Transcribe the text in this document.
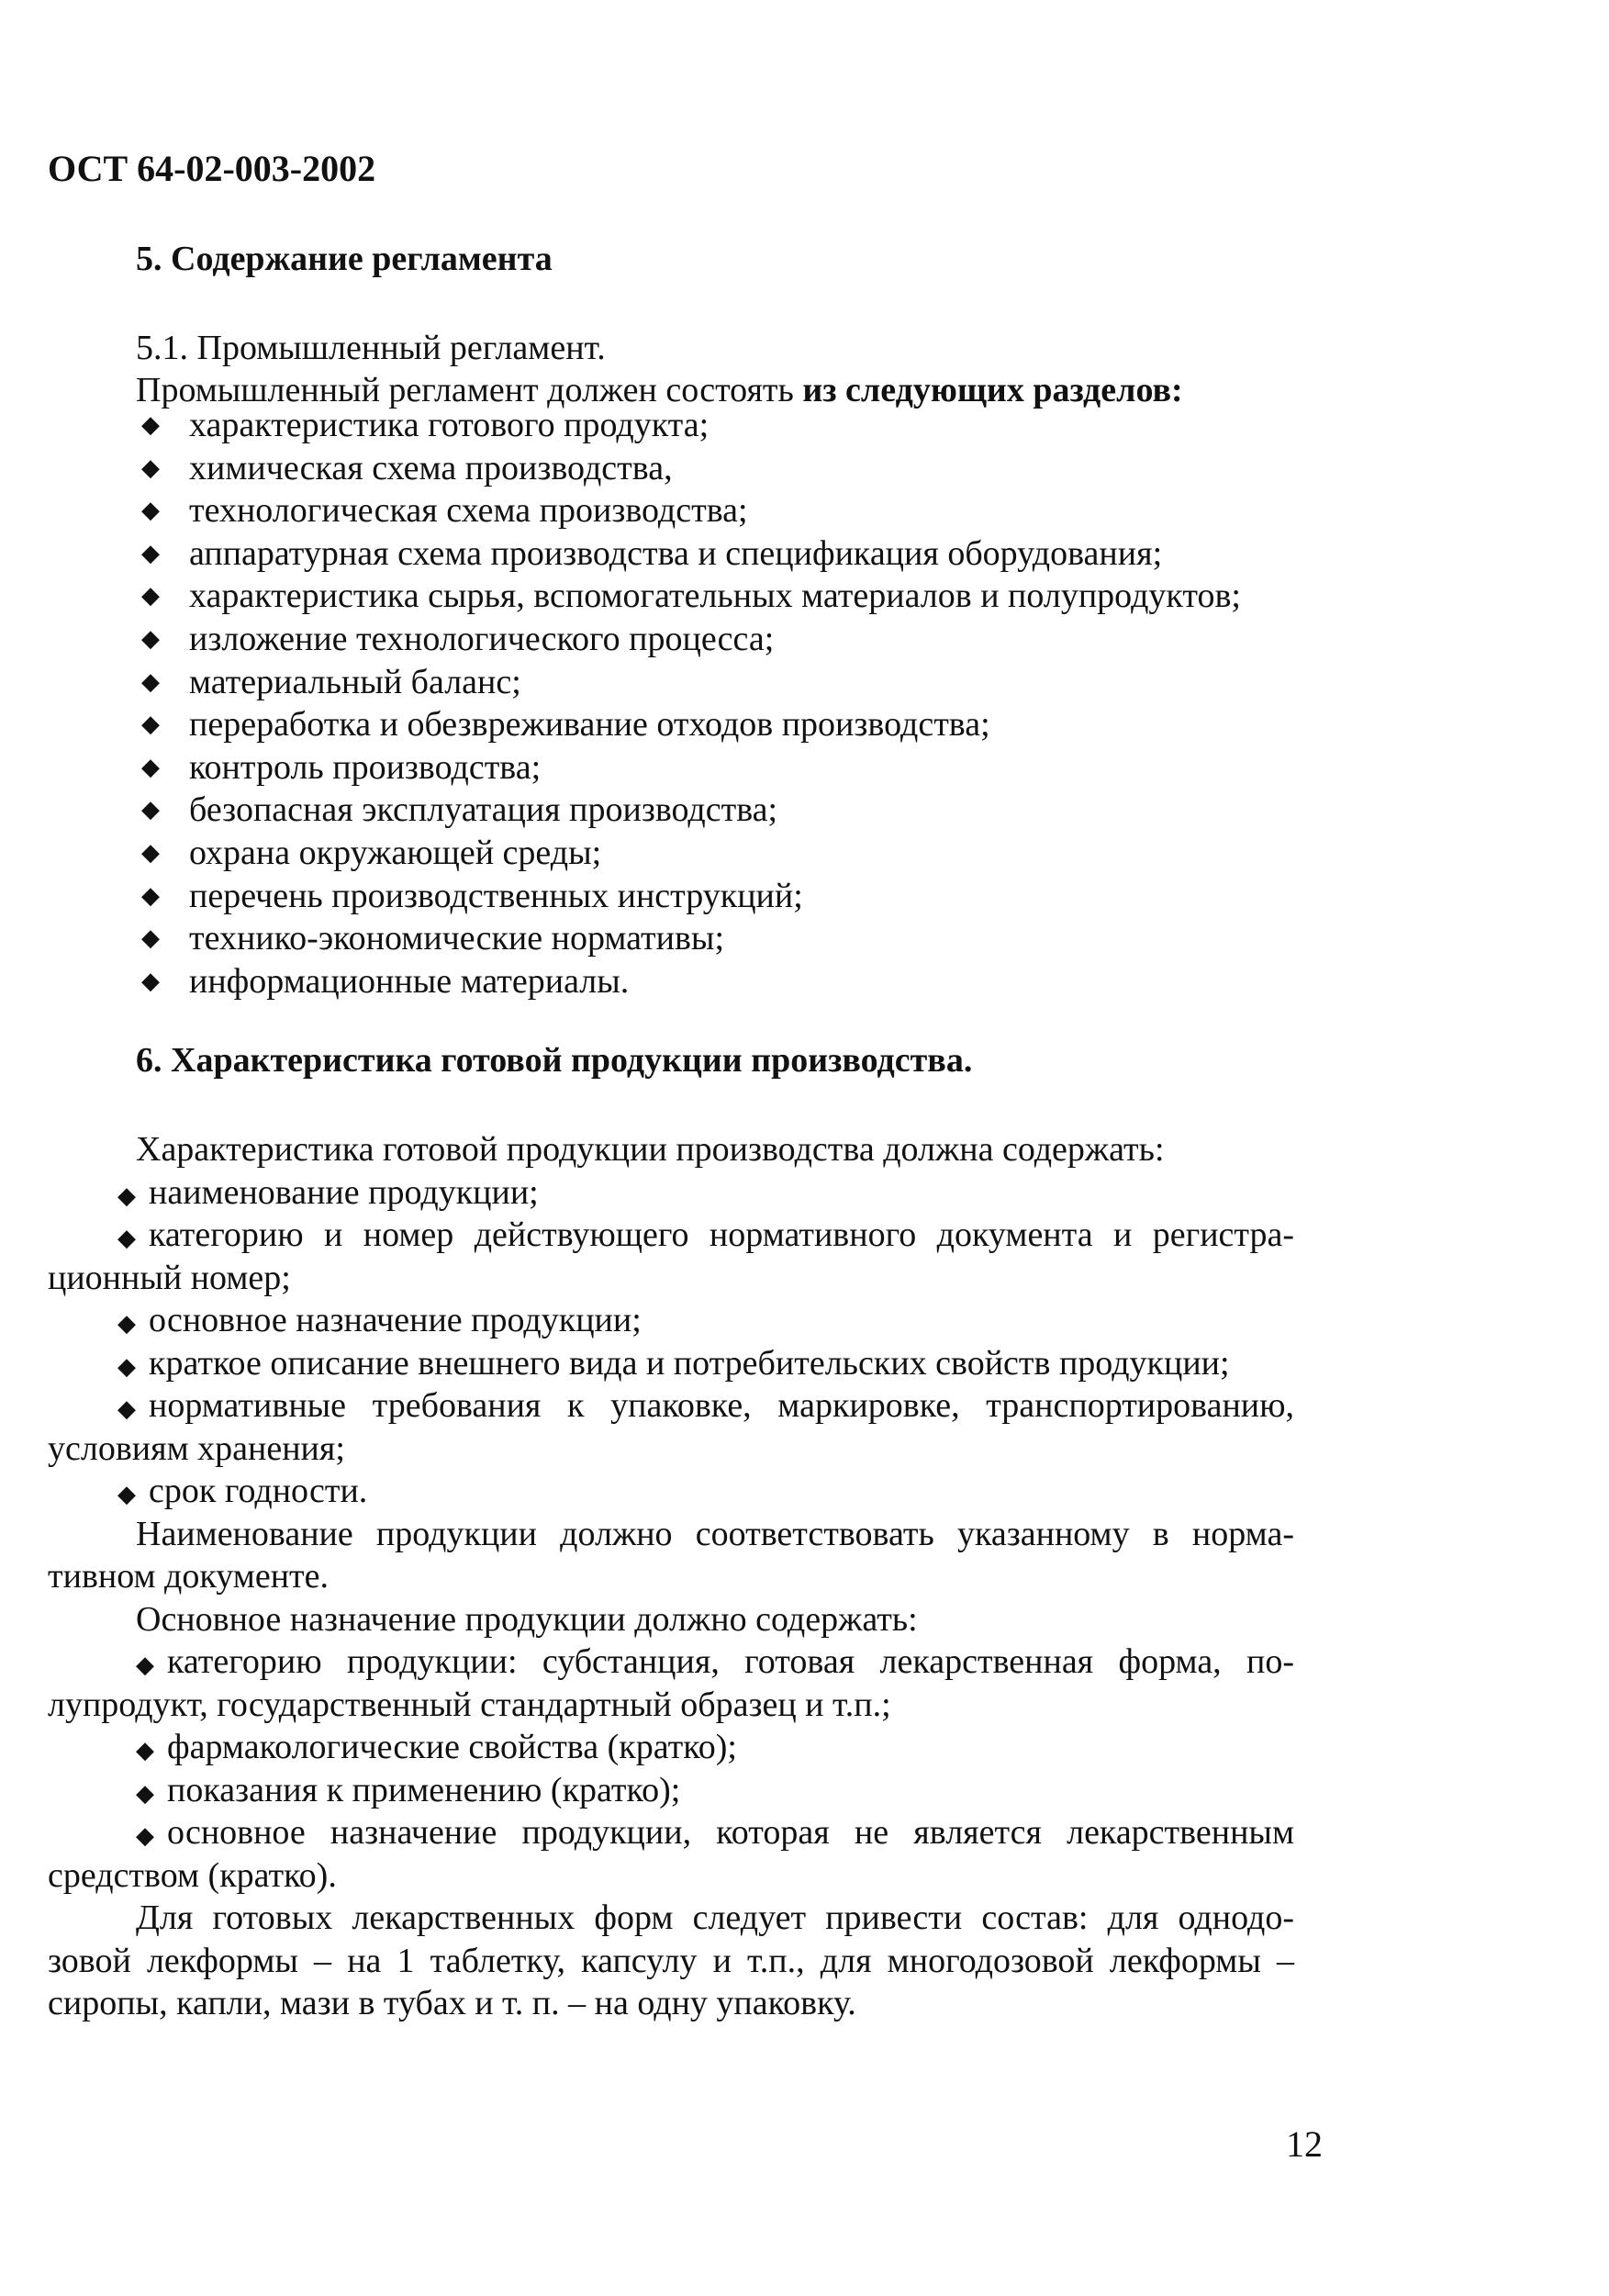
ОСТ 64-02-003-2002
5. Содержание регламента
5.1. Промышленный регламент.
Промышленный регламент должен состоять из следующих разделов:
◆ характеристика готового продукта;
◆ химическая схема производства,
◆ технологическая схема производства;
◆ аппаратурная схема производства и спецификация оборудования;
◆ характеристика сырья, вспомогательных материалов и полупродуктов;
◆ изложение технологического процесса;
◆ материальный баланс;
◆ переработка и обезвреживание отходов производства;
◆ контроль производства;
◆ безопасная эксплуатация производства;
◆ охрана окружающей среды;
◆ перечень производственных инструкций;
◆ технико-экономические нормативы;
◆ информационные материалы.
6. Характеристика готовой продукции производства.
Характеристика готовой продукции производства должна содержать:
◆ наименование продукции;
◆ категорию и номер действующего нормативного документа и регистра-
ционный номер;
◆ основное назначение продукции;
◆ краткое описание внешнего вида и потребительских свойств продукции;
◆ нормативные требования к упаковке, маркировке, транспортированию,
условиям хранения;
◆ срок годности.
Наименование продукции должно соответствовать указанному в норма-
тивном документе.
Основное назначение продукции должно содержать:
◆ категорию продукции: субстанция, готовая лекарственная форма, по-
лупродукт, государственный стандартный образец и т.п.;
◆ фармакологические свойства (кратко);
◆ показания к применению (кратко);
◆ основное назначение продукции, которая не является лекарственным
средством (кратко).
Для готовых лекарственных форм следует привести состав: для однодо-
зовой лекформы – на 1 таблетку, капсулу и т.п., для многодозовой лекформы –
сиропы, капли, мази в тубах и т. п. – на одну упаковку.
12
